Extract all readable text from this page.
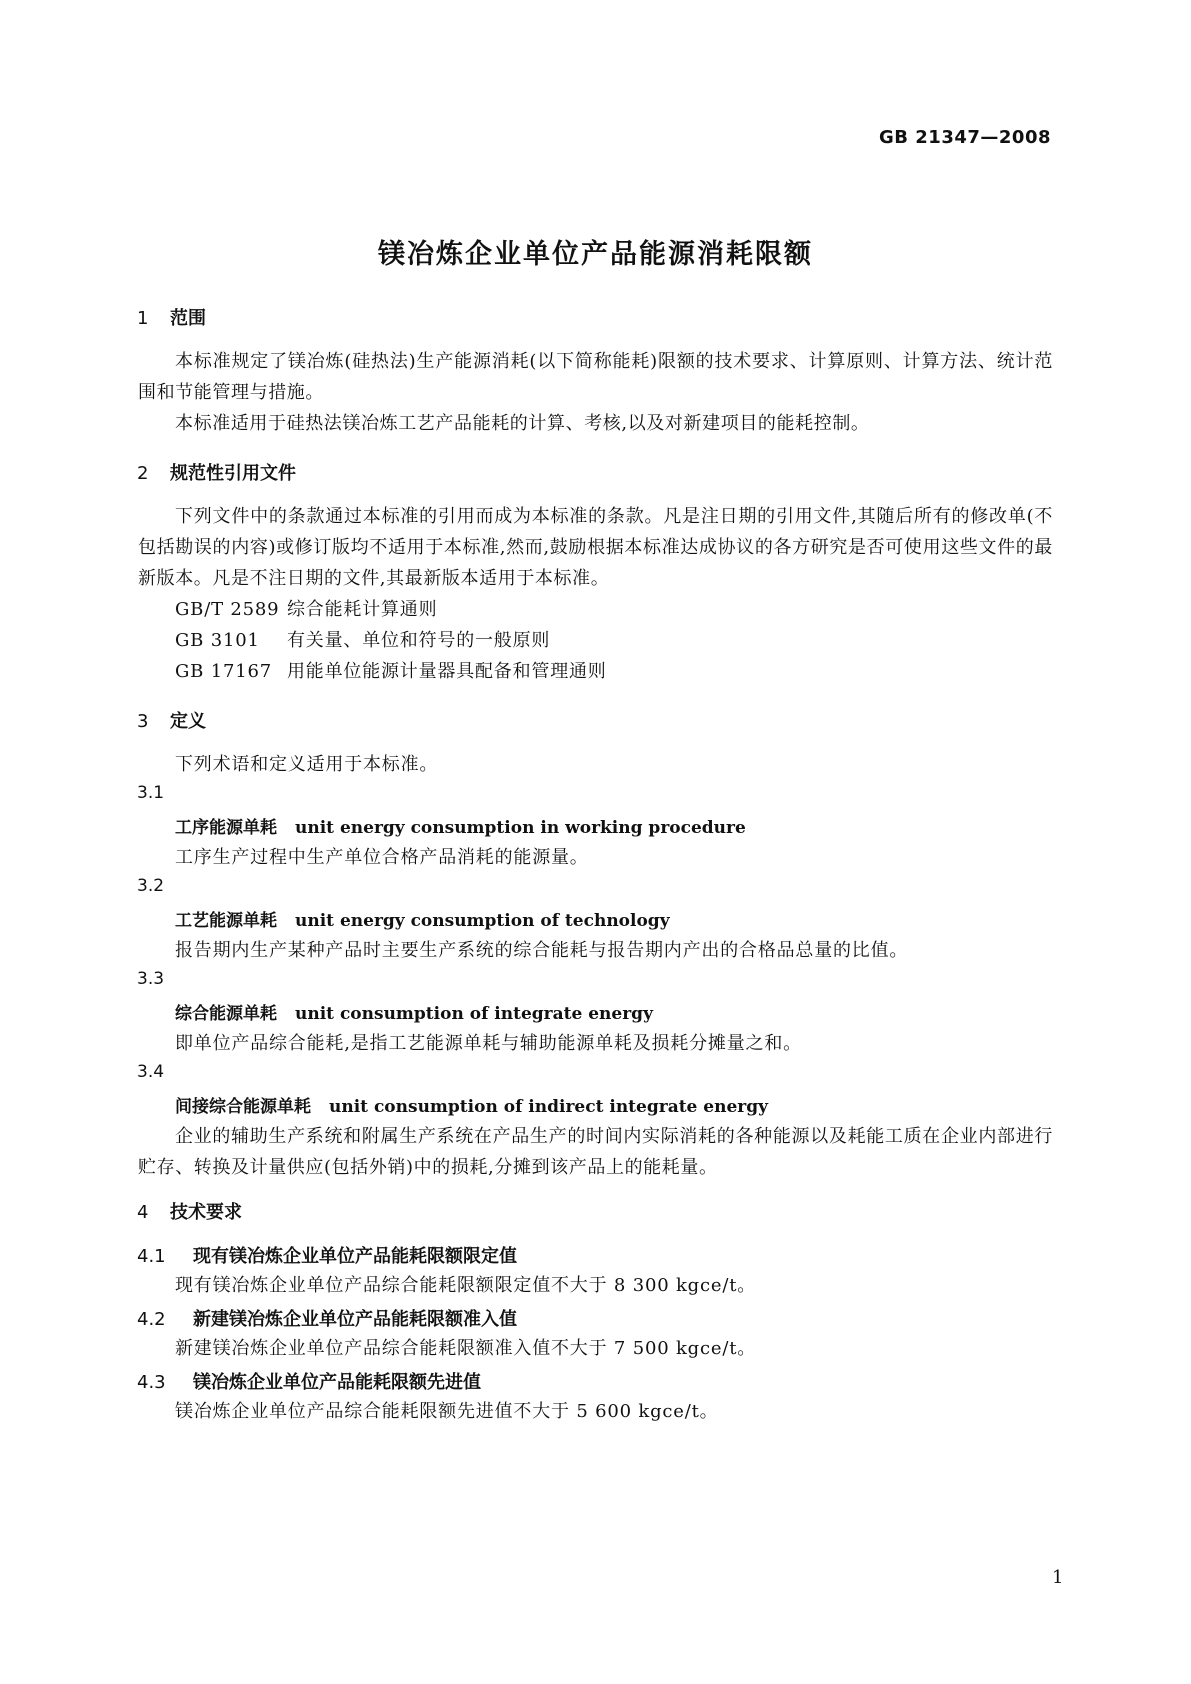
GB 21347—2008
镁冶炼企业单位产品能源消耗限额
1 范围
本标准规定了镁冶炼(硅热法)生产能源消耗(以下简称能耗)限额的技术要求、计算原则、计算方法、统计范围和节能管理与措施。
本标准适用于硅热法镁冶炼工艺产品能耗的计算、考核,以及对新建项目的能耗控制。
2 规范性引用文件
下列文件中的条款通过本标准的引用而成为本标准的条款。凡是注日期的引用文件,其随后所有的修改单(不包括勘误的内容)或修订版均不适用于本标准,然而,鼓励根据本标准达成协议的各方研究是否可使用这些文件的最新版本。凡是不注日期的文件,其最新版本适用于本标准。
GB/T 2589 综合能耗计算通则
GB 3101 有关量、单位和符号的一般原则
GB 17167 用能单位能源计量器具配备和管理通则
3 定义
下列术语和定义适用于本标准。
3.1
工序能源单耗 unit energy consumption in working procedure
工序生产过程中生产单位合格产品消耗的能源量。
3.2
工艺能源单耗 unit energy consumption of technology
报告期内生产某种产品时主要生产系统的综合能耗与报告期内产出的合格品总量的比值。
3.3
综合能源单耗 unit consumption of integrate energy
即单位产品综合能耗,是指工艺能源单耗与辅助能源单耗及损耗分摊量之和。
3.4
间接综合能源单耗 unit consumption of indirect integrate energy
企业的辅助生产系统和附属生产系统在产品生产的时间内实际消耗的各种能源以及耗能工质在企业内部进行贮存、转换及计量供应(包括外销)中的损耗,分摊到该产品上的能耗量。
4 技术要求
4.1 现有镁冶炼企业单位产品能耗限额限定值
现有镁冶炼企业单位产品综合能耗限额限定值不大于 8 300 kgce/t。
4.2 新建镁冶炼企业单位产品能耗限额准入值
新建镁冶炼企业单位产品综合能耗限额准入值不大于 7 500 kgce/t。
4.3 镁冶炼企业单位产品能耗限额先进值
镁冶炼企业单位产品综合能耗限额先进值不大于 5 600 kgce/t。
1
